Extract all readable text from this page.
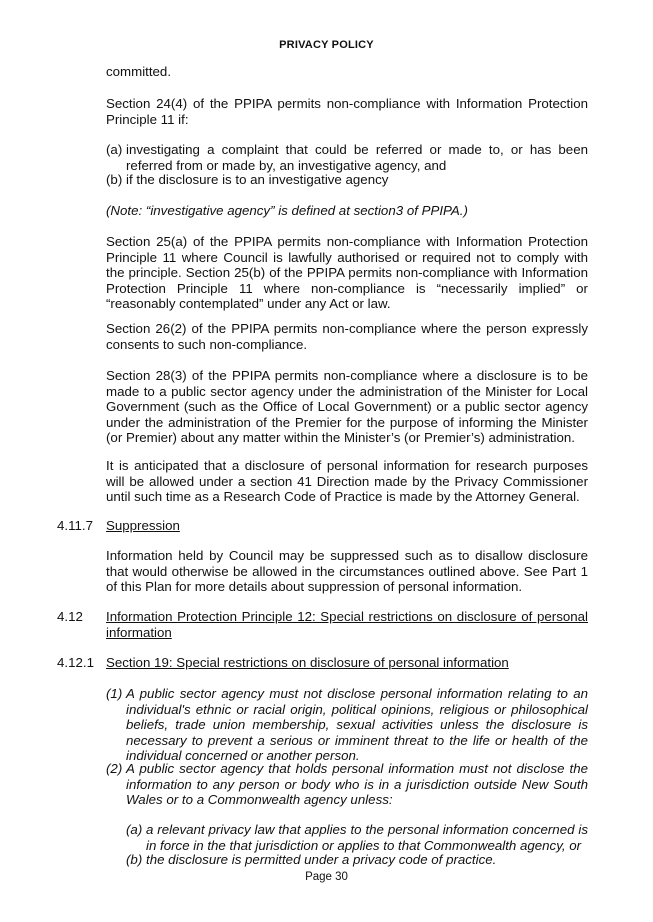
PRIVACY POLICY

committed.

Section 24(4) of the PPIPA permits non-compliance with Information Protection Principle 11 if:

(a) investigating a complaint that could be referred or made to, or has been referred from or made by, an investigative agency, and

(b) if the disclosure is to an investigative agency

(Note: “investigative agency” is defined at section3 of PPIPA.)

Section 25(a) of the PPIPA permits non-compliance with Information Protection Principle 11 where Council is lawfully authorised or required not to comply with the principle. Section 25(b) of the PPIPA permits non-compliance with Information Protection Principle 11 where non-compliance is “necessarily implied” or “reasonably contemplated” under any Act or law.

Section 26(2) of the PPIPA permits non-compliance where the person expressly consents to such non-compliance.

Section 28(3) of the PPIPA permits non-compliance where a disclosure is to be made to a public sector agency under the administration of the Minister for Local Government (such as the Office of Local Government) or a public sector agency under the administration of the Premier for the purpose of informing the Minister (or Premier) about any matter within the Minister’s (or Premier’s) administration.

It is anticipated that a disclosure of personal information for research purposes will be allowed under a section 41 Direction made by the Privacy Commissioner until such time as a Research Code of Practice is made by the Attorney General.

4.11.7 Suppression

Information held by Council may be suppressed such as to disallow disclosure that would otherwise be allowed in the circumstances outlined above. See Part 1 of this Plan for more details about suppression of personal information.

4.12 Information Protection Principle 12: Special restrictions on disclosure of personal information

4.12.1 Section 19: Special restrictions on disclosure of personal information

(1) A public sector agency must not disclose personal information relating to an individual's ethnic or racial origin, political opinions, religious or philosophical beliefs, trade union membership, sexual activities unless the disclosure is necessary to prevent a serious or imminent threat to the life or health of the individual concerned or another person.

(2) A public sector agency that holds personal information must not disclose the information to any person or body who is in a jurisdiction outside New South Wales or to a Commonwealth agency unless:

(a) a relevant privacy law that applies to the personal information concerned is in force in the that jurisdiction or applies to that Commonwealth agency, or

(b) the disclosure is permitted under a privacy code of practice.

Page 30
